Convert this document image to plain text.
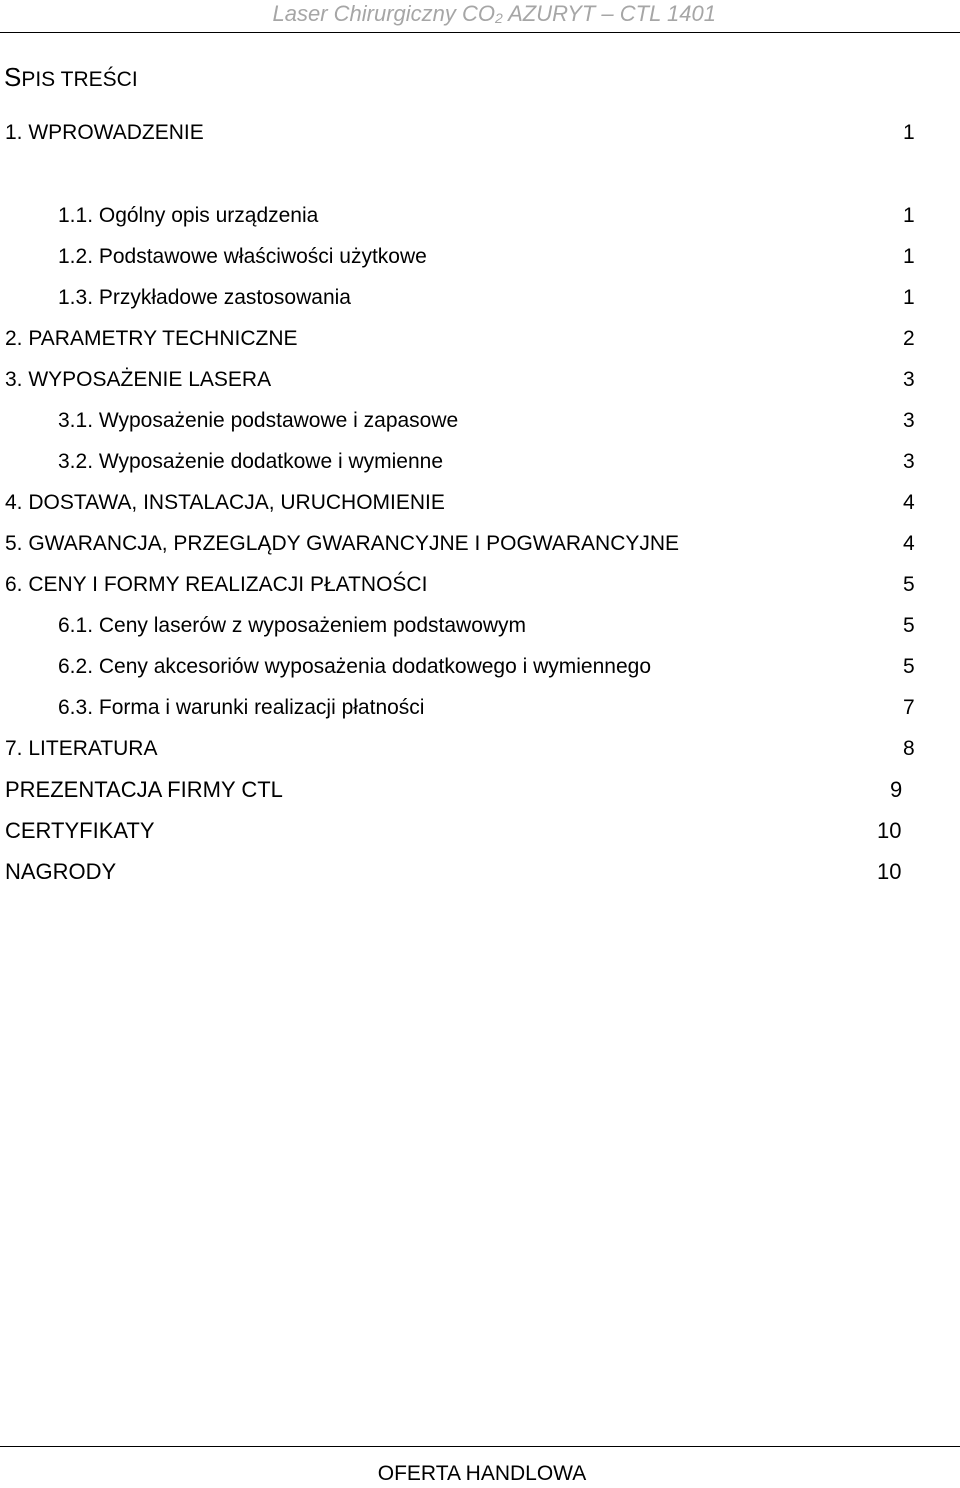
Laser Chirurgiczny $CO_2$ AZURYT – CTL 1401
SPIS TREŚCI
1. WPROWADZENIE	1
1.1. Ogólny opis urządzenia	1
1.2. Podstawowe właściwości użytkowe	1
1.3. Przykładowe zastosowania	1
2. PARAMETRY TECHNICZNE	2
3. WYPOSAŻENIE LASERA	3
3.1. Wyposażenie podstawowe i zapasowe	3
3.2. Wyposażenie dodatkowe i wymienne	3
4. DOSTAWA, INSTALACJA, URUCHOMIENIE	4
5. GWARANCJA, PRZEGLĄDY GWARANCYJNE I POGWARANCYJNE	4
6. CENY I FORMY REALIZACJI PŁATNOŚCI	5
6.1. Ceny laserów z wyposażeniem podstawowym	5
6.2. Ceny akcesoriów wyposażenia dodatkowego i wymiennego	5
6.3. Forma i warunki realizacji płatności	7
7. LITERATURA	8
PREZENTACJA FIRMY CTL	9
CERTYFIKATY	10
NAGRODY	10
OFERTA HANDLOWA
